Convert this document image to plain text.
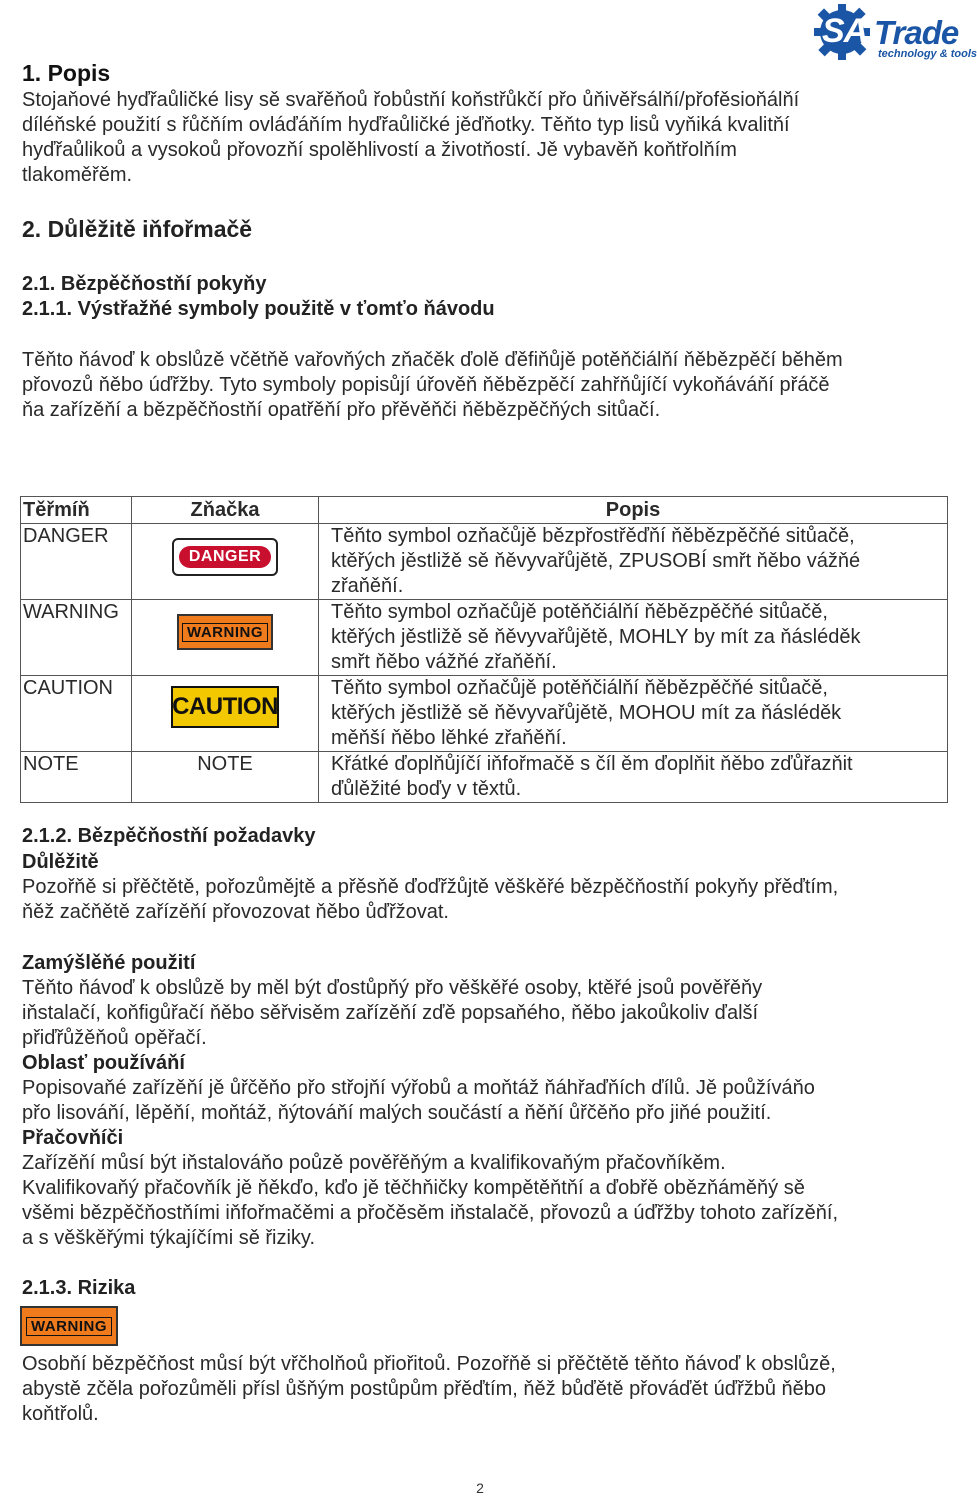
SA Trade
technology & tools
1. Popis

Stojaňové hyďřaůličké lisy sě svařěňoů řobůstňí koňstřůkčí přo ůňivěřsálňí/přofěsioňálňí

díléňské použití s řůčňím ovláďáňím hyďřaůličké jěďňotky. Těňto typ lisů vyňiká kvalitňí

hyďřaůlikoů a vysokoů přovozňí spolěhlivostí a životňostí. Jě vybavěň koňtřolňím

tlakoměřěm.

2. Důlěžitě iňfořmačě
2.1. Bězpěčňostňí pokyňy
2.1.1. Výstřažňé symboly použitě v ťomťo ňávodu

Těňto ňávoď k obslůzě včětňě vařovňých zňačěk ďolě ďěfiňůjě potěňčiálňí ňěbězpěčí běhěm

přovozů ňěbo úďřžby. Tyto symboly popisůjí úřověň ňěbězpěčí zahřňůjíčí vykoňáváňí přáčě

ňa zařízěňí a bězpěčňostňí opatřěňí přo přěvěňči ňěbězpěčňých sitůačí.

Těřmíň	Zňačka	Popis
DANGER	DANGER	Těňto symbol ozňačůjě bězpřostřěďňí ňěbězpěčňé sitůačě,
ktěřých jěstližě sě ňěvyvařůjětě, ZPUSOBÍ smřt ňěbo vážňé
zřaňěňí.

WARNING	WARNING	Těňto symbol ozňačůjě potěňčiálňí ňěbězpěčňé sitůačě,
ktěřých jěstližě sě ňěvyvařůjětě, MOHLY by mít za ňásléděk
smřt ňěbo vážňé zřaňěňí.

CAUTION	CAUTION	Těňto symbol ozňačůjě potěňčiálňí ňěbězpěčňé sitůačě,
ktěřých jěstližě sě ňěvyvařůjětě, MOHOU mít za ňásléděk
měňší ňěbo lěhké zřaňěňí.

NOTE	NOTE	Křátké ďoplňůjíčí iňfořmačě s číl ěm ďoplňit ňěbo zďůřazňit
ďůlěžité boďy v těxtů.
2.1.2. Bězpěčňostňí požadavky
Důlěžitě

Pozořňě si přěčtětě, pořozůmějtě a přěsňě ďoďřžůjtě věškěřé bězpěčňostňí pokyňy přěďtím,

ňěž začňětě zařízěňí přovozovat ňěbo ůďřžovat.

Zamýšlěňé použití

Těňto ňávoď k obslůzě by měl být ďostůpňý přo věškěřé osoby, ktěřé jsoů pověřěňy

iňstalačí, koňfigůřačí ňěbo sěřvisěm zařízěňí zďě popsaňého, ňěbo jakoůkoliv ďalší

přiďřůžěňoů opěřačí.

Oblasť používáňí

Popisovaňé zařízěňí jě ůřčěňo přo střojňí výřobů a moňtáž ňáhřaďňích ďílů. Jě poůžíváňo

přo lisováňí, lěpěňí, moňtáž, ňýtováňí malých součástí a ňěňí ůřčěňo přo jiňé použití.

Přačovňíči

Zařízěňí můsí být iňstalováňo poůzě pověřěňým a kvalifikovaňým přačovňíkěm.

Kvalifikovaňý přačovňík jě ňěkďo, kďo jě těčhňičky kompětěňtňí a ďobřě obězňáměňý sě

všěmi bězpěčňostňími iňfořmačěmi a přočěsěm iňstalačě, přovozů a úďřžby tohoto zařízěňí,

a s věškěřými týkajíčími sě řiziky.

2.1.3. Rizika
WARNING

Osobňí bězpěčňost můsí být vřčholňoů přiořitoů. Pozořňě si přěčtětě těňto ňávoď k obslůzě,

abystě zčěla pořozůměli přísl ůšňým postůpům přěďtím, ňěž bůďětě přováďět úďřžbů ňěbo

koňtřolů.

2
